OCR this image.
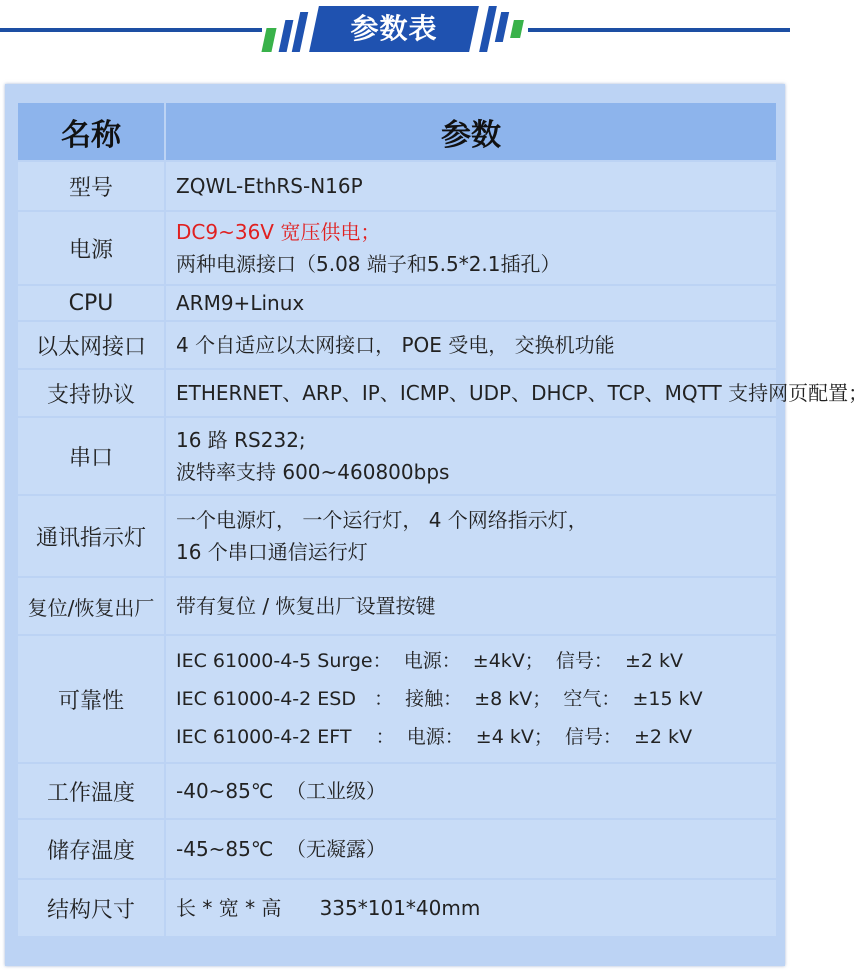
参数表
名称	参数
型号	ZQWL-EthRS-N16P

电源	DC9~36V 宽压供电；
两种电源接口（5.08 端子和5.5*2.1插孔）

CPU	ARM9+Linux

以太网接口	4 个自适应以太网接口， POE 受电， 交换机功能

支持协议	ETHERNET、ARP、IP、ICMP、UDP、DHCP、TCP、MQTT 支持网页配置；

串口	16 路 RS232;
波特率支持 600~460800bps

通讯指示灯	一个电源灯， 一个运行灯， 4 个网络指示灯，
16 个串口通信运行灯

复位/恢复出厂	带有复位 / 恢复出厂设置按键

可靠性	IEC 61000-4-5 Surge：  电源：  ±4kV；  信号：  ±2 kV
IEC 61000-4-2 ESD   ：  接触：  ±8 kV；  空气：  ±15 kV
IEC 61000-4-2 EFT    ：  电源：  ±4 kV；  信号：  ±2 kV

工作温度	-40~85℃  （工业级）

储存温度	-45~85℃  （无凝露）

结构尺寸	长 * 宽 * 高      335*101*40mm
